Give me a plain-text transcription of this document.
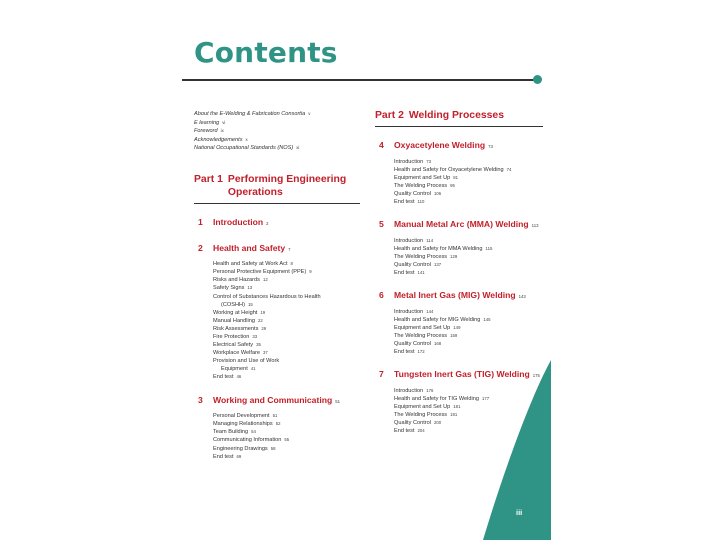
Contents
About the E-Welding & Fabrication Consortia v
E learning vi
Foreword ix
Acknowledgements x
National Occupational Standards (NOS) xi
Part 1 Performing Engineering Operations
1	Introduction 2
2	Health and Safety 7
Health and Safety at Work Act 8
Personal Protective Equipment (PPE) 9
Risks and Hazards 12
Safety Signs 13
Control of Substances Hazardous to Health
(COSHH) 15
Working at Height 19
Manual Handling 22
Risk Assessments 29
Fire Protection 33
Electrical Safety 35
Workplace Welfare 37
Provision and Use of Work
Equipment 41
End test 46
3	Working and Communicating 51
Personal Development 51
Managing Relationships 52
Team Building 54
Communicating Information 55
Engineering Drawings 58
End test 69
Part 2 Welding Processes
4	Oxyacetylene Welding 73
Introduction 73
Health and Safety for Oxyacetylene Welding 74
Equipment and Set Up 81
The Welding Process 95
Quality Control 106
End test 110
5	Manual Metal Arc (MMA) Welding 113
Introduction 114
Health and Safety for MMA Welding 115
The Welding Process 129
Quality Control 137
End test 141
6	Metal Inert Gas (MIG) Welding 143
Introduction 144
Health and Safety for MIG Welding 145
Equipment and Set Up 149
The Welding Process 159
Quality Control 168
End test 172
7	Tungsten Inert Gas (TIG) Welding 175
Introduction 176
Health and Safety for TIG Welding 177
Equipment and Set Up 181
The Welding Process 191
Quality Control 200
End test 204
iii
